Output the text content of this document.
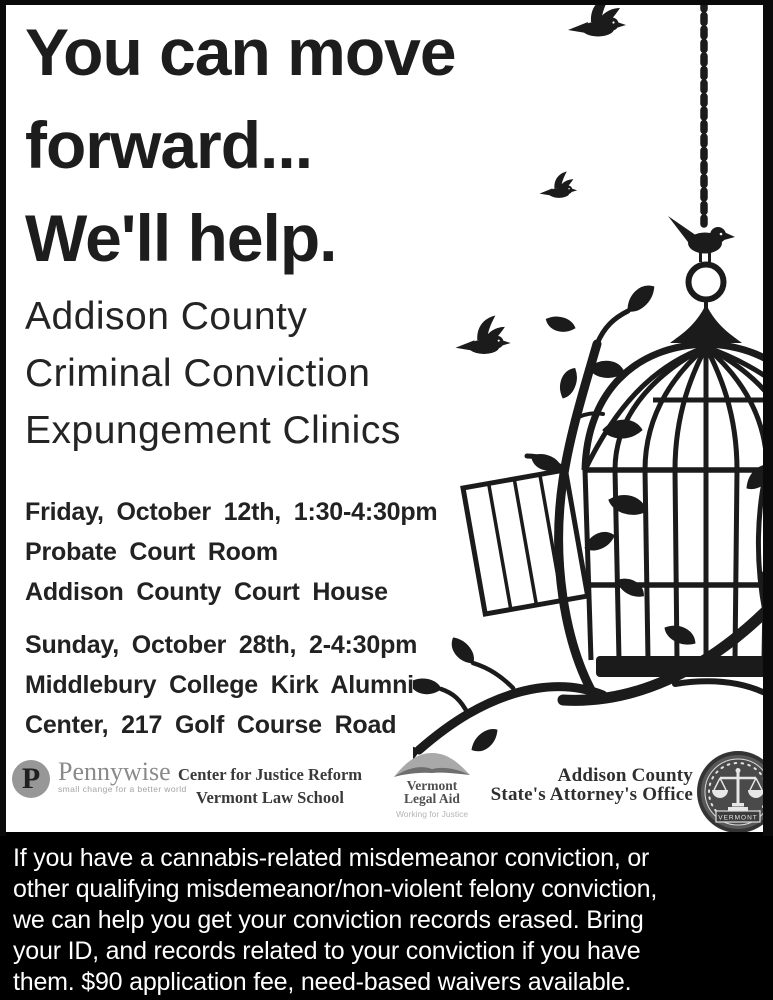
You can move
forward...
We'll help.
Addison County
Criminal Conviction
Expungement Clinics
Friday, October 12th, 1:30-4:30pm
Probate Court Room
Addison County Court House
Sunday, October 28th, 2-4:30pm
Middlebury College Kirk Alumni
Center, 217 Golf Course Road
P Pennywise
small change for a better world
Center for Justice Reform
Vermont Law School
Vermont
Legal Aid
Working for Justice
Addison County
State's Attorney's Office
VERMONT
If you have a cannabis-related misdemeanor conviction, or
other qualifying misdemeanor/non-violent felony conviction,
we can help you get your conviction records erased. Bring
your ID, and records related to your conviction if you have
them. $90 application fee, need-based waivers available.
